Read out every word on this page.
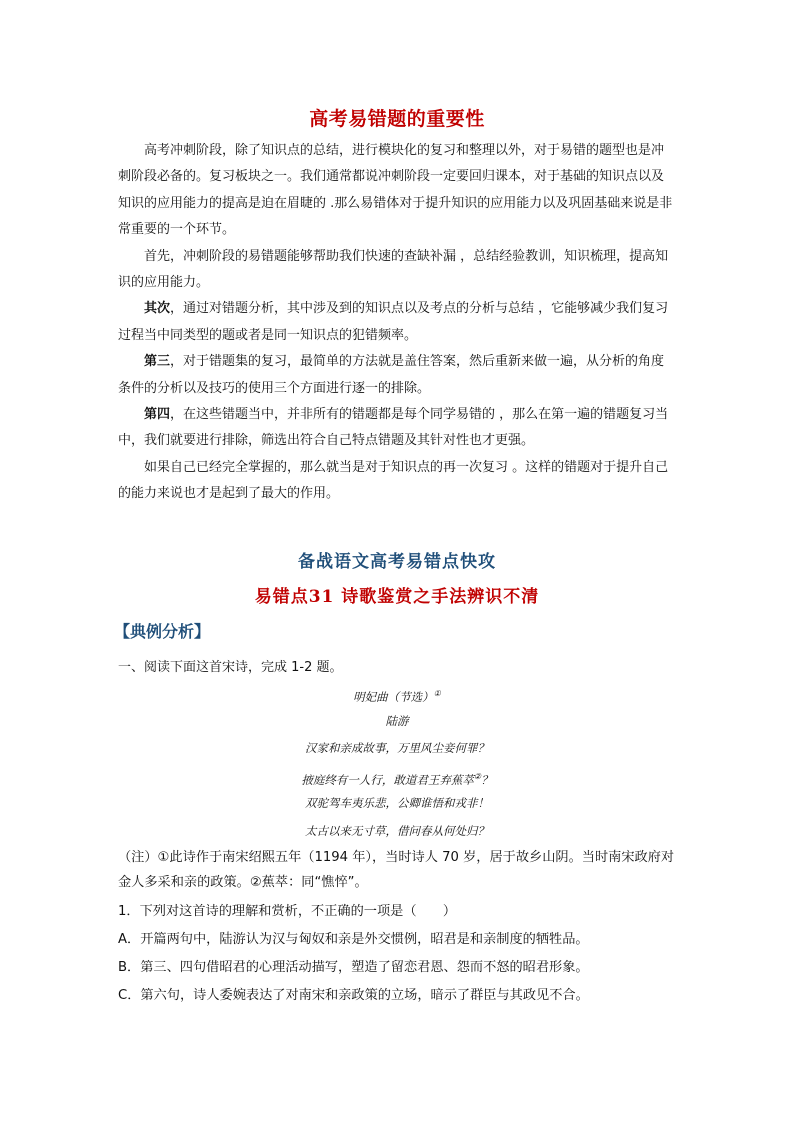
高考易错题的重要性

高考冲刺阶段，除了知识点的总结，进行模块化的复习和整理以外，对于易错的题型也是冲刺阶段必备的。复习板块之一。我们通常都说冲刺阶段一定要回归课本，对于基础的知识点以及知识的应用能力的提高是迫在眉睫的 .那么易错体对于提升知识的应用能力以及巩固基础来说是非常重要的一个环节。

首先，冲刺阶段的易错题能够帮助我们快速的查缺补漏 ，总结经验教训，知识梳理，提高知识的应用能力。

其次，通过对错题分析，其中涉及到的知识点以及考点的分析与总结 ，它能够减少我们复习过程当中同类型的题或者是同一知识点的犯错频率。

第三，对于错题集的复习，最简单的方法就是盖住答案，然后重新来做一遍，从分析的角度条件的分析以及技巧的使用三个方面进行逐一的排除。

第四，在这些错题当中，并非所有的错题都是每个同学易错的 ，那么在第一遍的错题复习当中，我们就要进行排除，筛选出符合自己特点错题及其针对性也才更强。

如果自己已经完全掌握的，那么就当是对于知识点的再一次复习 。这样的错题对于提升自己的能力来说也才是起到了最大的作用。

备战语文高考易错点快攻
易错点31 诗歌鉴赏之手法辨识不清
【典例分析】
一、阅读下面这首宋诗，完成 1-2 题。
明妃曲（节选）①
陆游
汉家和亲成故事，万里风尘妾何罪？
掖庭终有一人行，敢道君王弃蕉萃②？
双驼驾车夷乐悲，公卿谁悟和戎非！
太古以来无寸草，借问春从何处归？
（注）①此诗作于南宋绍熙五年（1194 年），当时诗人 70 岁，居于故乡山阴。当时南宋政府对金人多采和亲的政策。②蕉萃：同“憔悴”。
1．下列对这首诗的理解和赏析，不正确的一项是（　　）
A．开篇两句中，陆游认为汉与匈奴和亲是外交惯例，昭君是和亲制度的牺牲品。
B．第三、四句借昭君的心理活动描写，塑造了留恋君恩、怨而不怒的昭君形象。
C．第六句，诗人委婉表达了对南宋和亲政策的立场，暗示了群臣与其政见不合。
